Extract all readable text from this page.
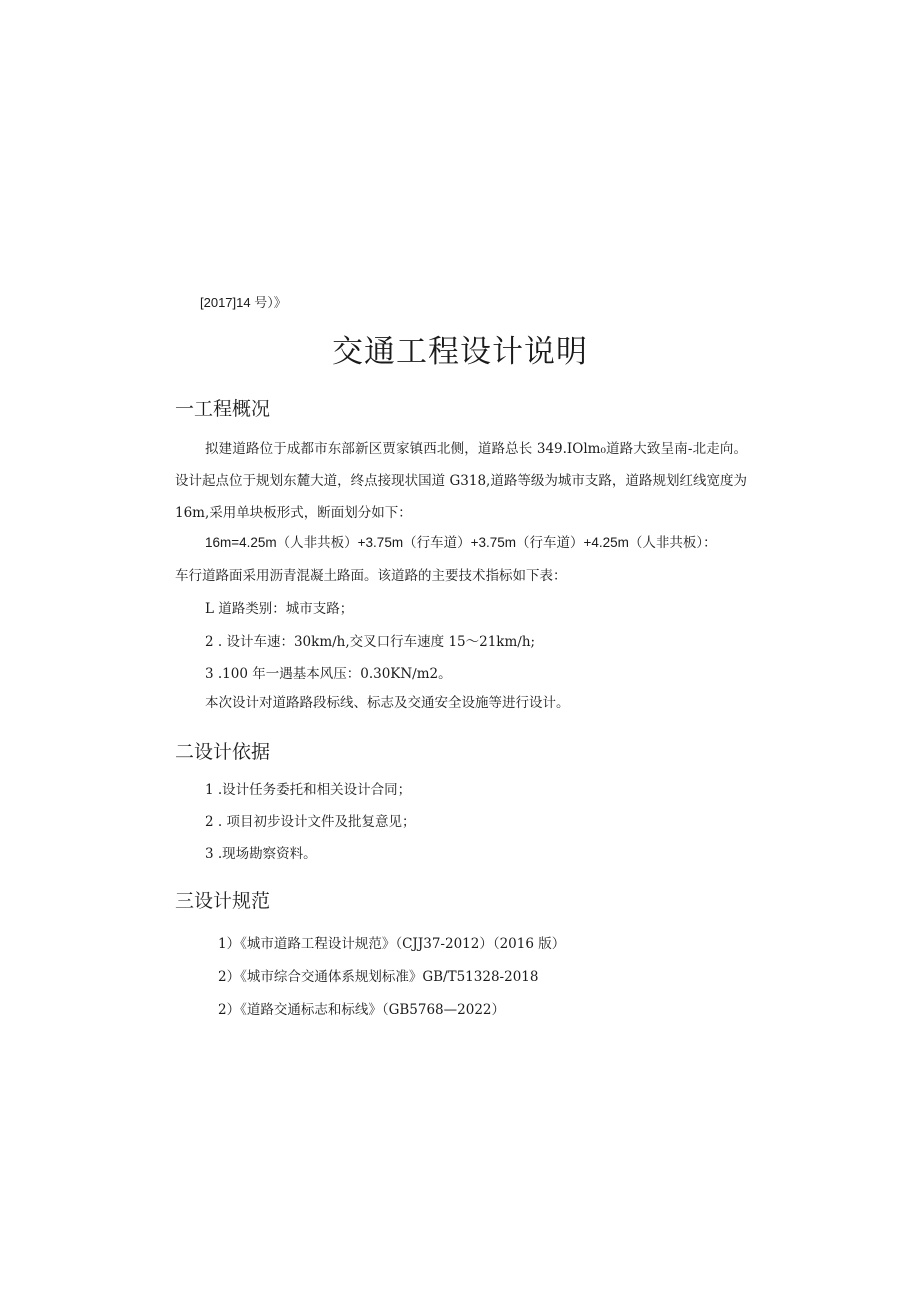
[2017]14 号）》
交通工程设计说明
一工程概况
拟建道路位于成都市东部新区贾家镇西北侧，道路总长 349.IOlm₀道路大致呈南-北走向。设计起点位于规划东麓大道，终点接现状国道 G318,道路等级为城市支路，道路规划红线宽度为 16m,采用单块板形式，断面划分如下：
16m=4.25m（人非共板）+3.75m（行车道）+3.75m（行车道）+4.25m（人非共板）：
车行道路面采用沥青混凝土路面。该道路的主要技术指标如下表：
L 道路类别：城市支路；
2 . 设计车速：30km∕h,交叉口行车速度 15～21km∕h;
3 .100 年一遇基本风压：0.30KN∕m2。
本次设计对道路路段标线、标志及交通安全设施等进行设计。
二设计依据
1 .设计任务委托和相关设计合同；
2 . 项目初步设计文件及批复意见；
3 .现场勘察资料。
三设计规范
1）《城市道路工程设计规范》（CJJ37-2012）（2016 版）
2）《城市综合交通体系规划标准》GB/T51328-2018
2）《道路交通标志和标线》（GB5768—2022）
